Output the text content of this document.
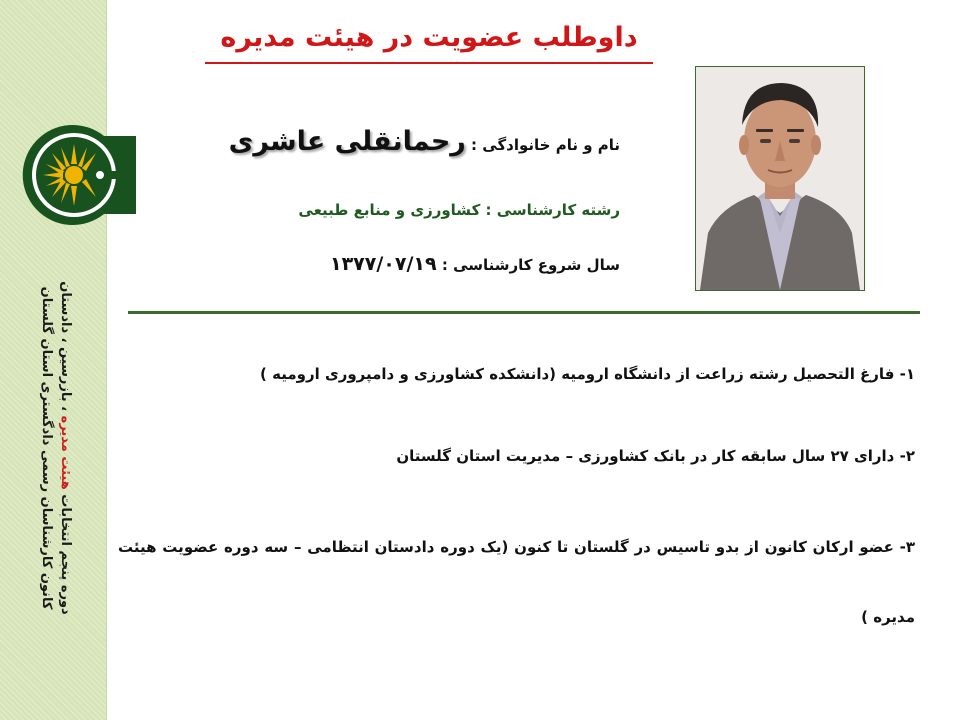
دوره پنجم انتخابات هیئت مدیره ، بازرسین ، دادستان
کانون کارشناسان رسمی دادگستری استان گلستان
داوطلب عضویت در هیئت مدیره
نام و نام خانوادگی : رحمانقلی عاشری
رشته کارشناسی : کشاورزی و منابع طبیعی
سال شروع کارشناسی : ۱۳۷۷/۰۷/۱۹

۱- فارغ التحصیل رشته زراعت از دانشگاه ارومیه (دانشکده کشاورزی و دامپروری ارومیه )

۲- دارای ۲۷ سال سابقه کار در بانک کشاورزی – مدیریت استان گلستان

۳- عضو ارکان کانون از بدو تاسیس در گلستان تا کنون (یک دوره دادستان انتظامی – سه دوره عضویت هیئت مدیره )
